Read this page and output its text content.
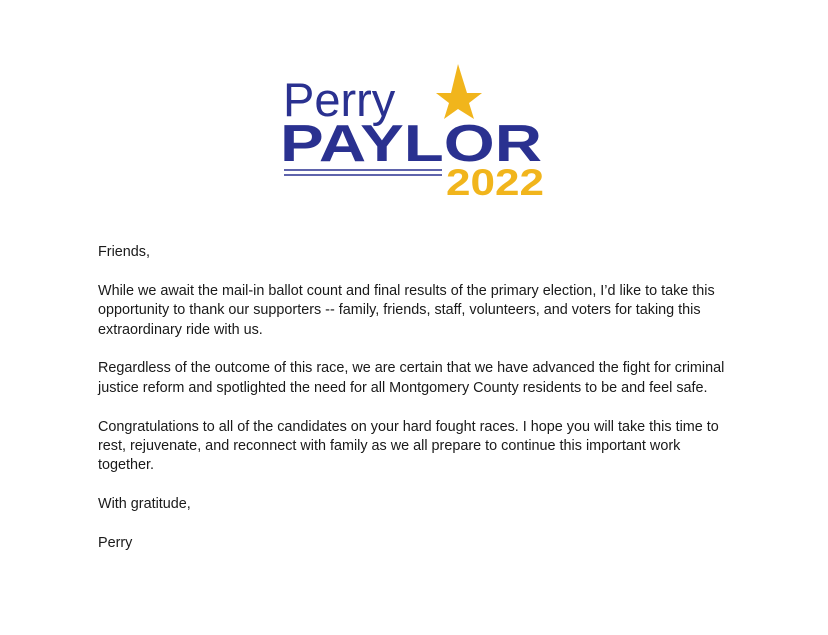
Perry
PAYLOR
2022

Friends,

While we await the mail-in ballot count and final results of the primary election, I’d like to take this opportunity to thank our supporters -- family, friends, staff, volunteers, and voters for taking this extraordinary ride with us.

Regardless of the outcome of this race, we are certain that we have advanced the fight for criminal justice reform and spotlighted the need for all Montgomery County residents to be and feel safe.

Congratulations to all of the candidates on your hard fought races. I hope you will take this time to rest, rejuvenate, and reconnect with family as we all prepare to continue this important work together.

With gratitude,

Perry
